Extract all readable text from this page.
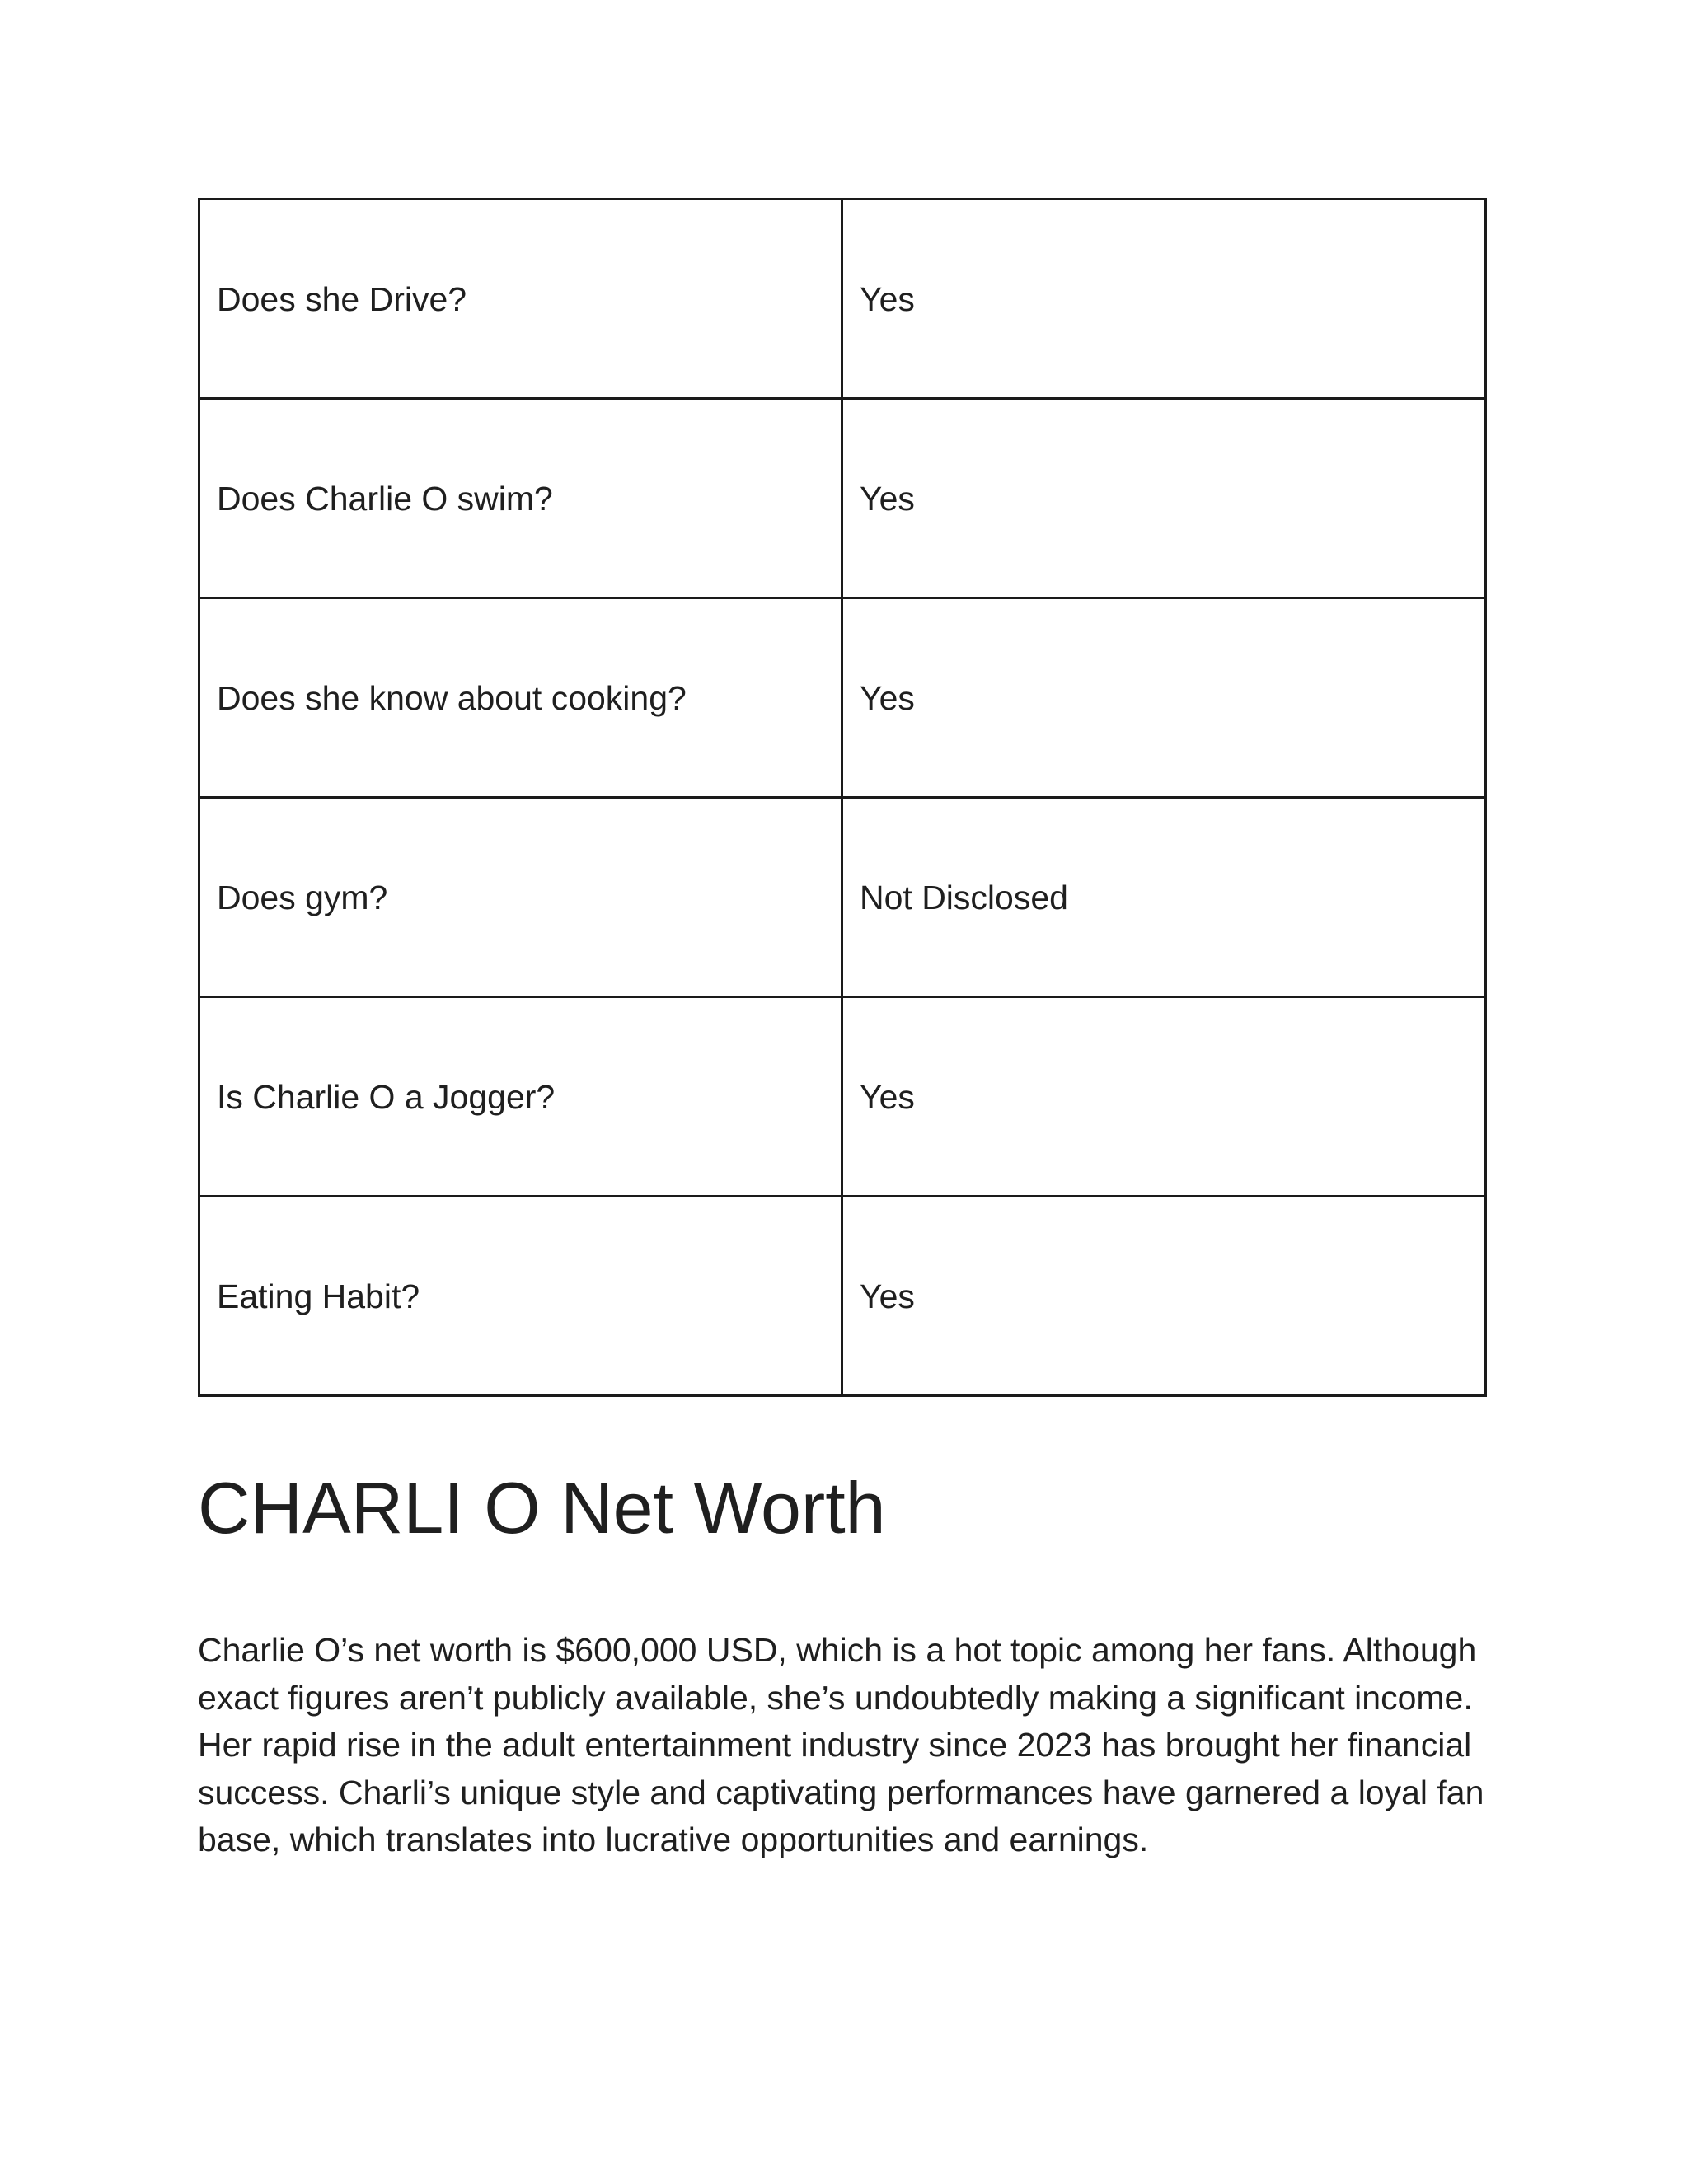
Does she Drive?	Yes
Does Charlie O swim?	Yes
Does she know about cooking?	Yes
Does gym?	Not Disclosed
Is Charlie O a Jogger?	Yes
Eating Habit?	Yes
CHARLI O Net Worth

Charlie O’s net worth is $600,000 USD, which is a hot topic among her fans. Although exact figures aren’t publicly available, she’s undoubtedly making a significant income. Her rapid rise in the adult entertainment industry since 2023 has brought her financial success. Charli’s unique style and captivating performances have garnered a loyal fan base, which translates into lucrative opportunities and earnings.
